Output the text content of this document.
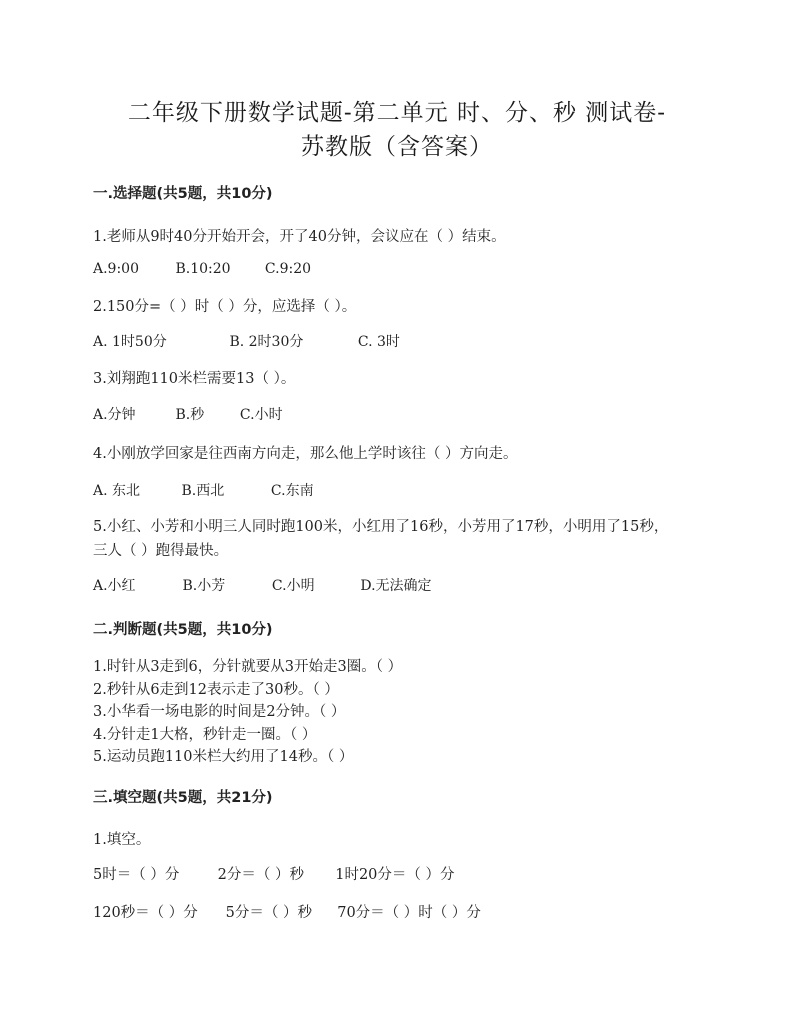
二年级下册数学试题-第二单元 时、分、秒 测试卷-
苏教版（含答案）
一.选择题(共5题，共10分)
1.老师从9时40分开始开会，开了40分钟，会议应在（ ）结束。
A.9:00	B.10:20 C.9:20
2.150分=（ ）时（ ）分，应选择（ ）。
A. 1时50分	B. 2时30分	C. 3时
3.刘翔跑110米栏需要13（ ）。
A.分钟	B.秒	C.小时
4.小刚放学回家是往西南方向走，那么他上学时该往（ ）方向走。
A. 东北	B.西北	C.东南
5.小红、小芳和小明三人同时跑100米，小红用了16秒，小芳用了17秒，小明用了15秒，
三人（ ）跑得最快。
A.小红	B.小芳	C.小明	D.无法确定
二.判断题(共5题，共10分)
1.时针从3走到6，分针就要从3开始走3圈。（ ）
2.秒针从6走到12表示走了30秒。（ ）
3.小华看一场电影的时间是2分钟。（ ）
4.分针走1大格，秒针走一圈。（ ）
5.运动员跑110米栏大约用了14秒。（ ）
三.填空题(共5题，共21分)
1.填空。
5时＝（ ）分	2分＝（ ）秒 1时20分＝（ ）分
120秒＝（ ）分 5分＝（ ）秒 70分＝（ ）时（ ）分
